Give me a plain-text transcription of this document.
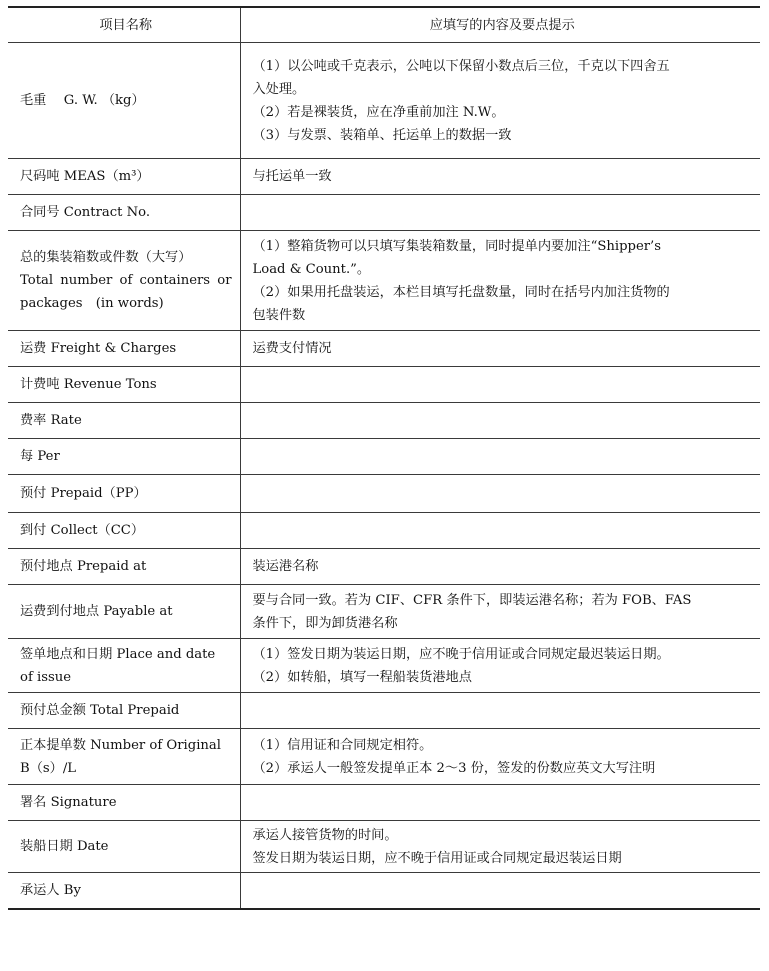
项目名称	应填写的内容及要点提示

毛重　 G. W. （kg）	（1）以公吨或千克表示，公吨以下保留小数点后三位，千克以下四舍五
入处理。
（2）若是裸装货，应在净重前加注 N.W。
（3）与发票、装箱单、托运单上的数据一致

尺码吨 MEAS（m³）	与托运单一致

合同号 Contract No.	

总的集装箱数或件数（大写）
Total number of containers or
packages　(in words)	（1）整箱货物可以只填写集装箱数量，同时提单内要加注“Shipper’s
Load & Count.”。
（2）如果用托盘装运，本栏目填写托盘数量，同时在括号内加注货物的
包装件数

运费 Freight & Charges	运费支付情况

计费吨 Revenue Tons	

费率 Rate	

每 Per	

预付 Prepaid（PP）	

到付 Collect（CC）	

预付地点 Prepaid at	装运港名称

运费到付地点 Payable at	要与合同一致。若为 CIF、CFR 条件下，即装运港名称；若为 FOB、FAS
条件下，即为卸货港名称

签单地点和日期 Place and date
of issue	（1）签发日期为装运日期，应不晚于信用证或合同规定最迟装运日期。
（2）如转船，填写一程船装货港地点

预付总金额 Total Prepaid	

正本提单数 Number of Original
B（s）/L	（1）信用证和合同规定相符。
（2）承运人一般签发提单正本 2～3 份，签发的份数应英文大写注明

署名 Signature	

装船日期 Date	承运人接管货物的时间。
签发日期为装运日期，应不晚于信用证或合同规定最迟装运日期

承运人 By	
